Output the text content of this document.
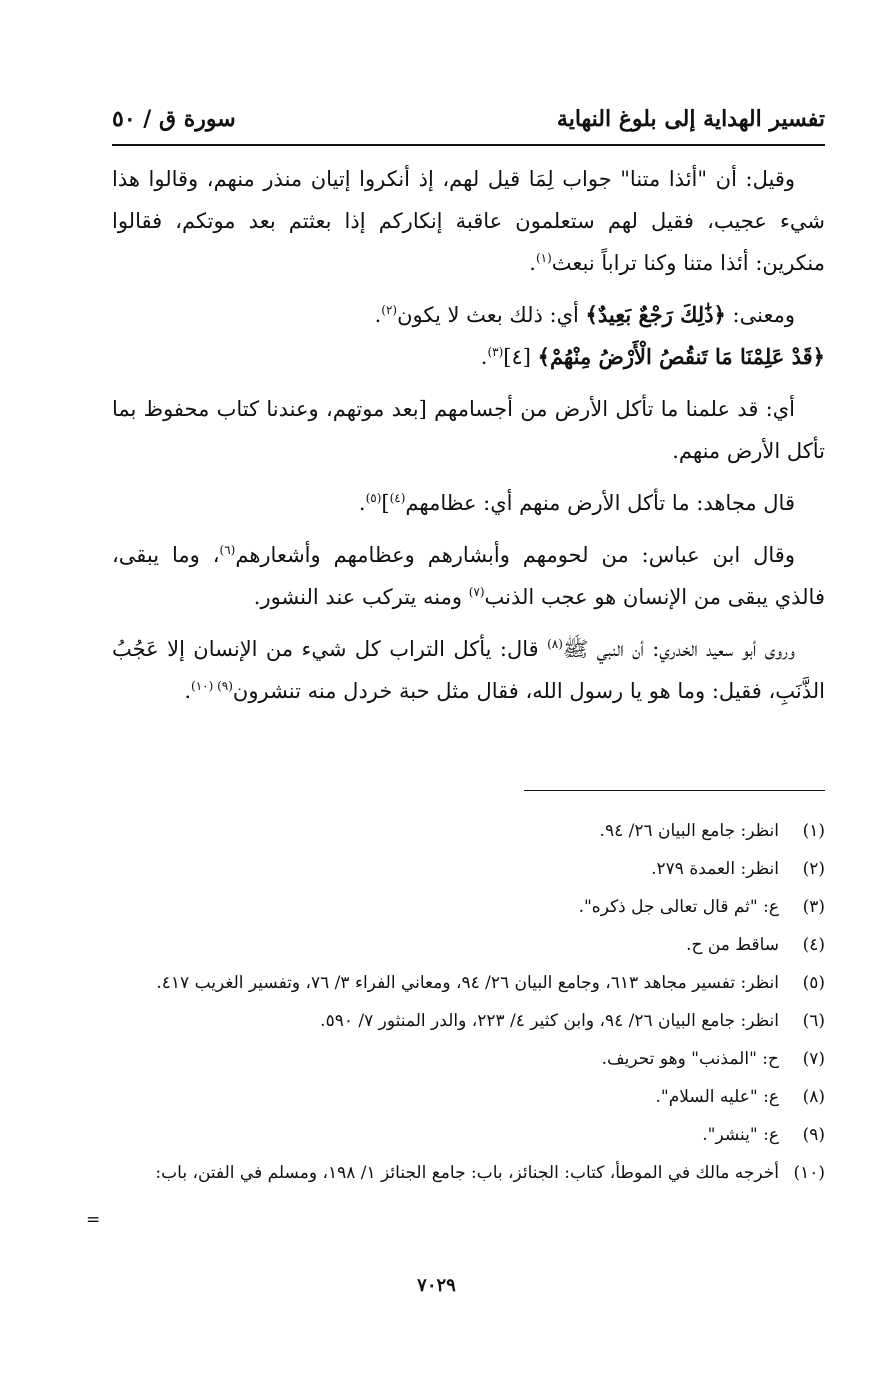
تفسير الهداية إلى بلوغ النهاية
سورة ق / ٥٠

وقيل: أن "أئذا متنا" جواب لِمَا قيل لهم، إذ أنكروا إتيان منذر منهم، وقالوا هذا شيء عجيب، فقيل لهم ستعلمون عاقبة إنكاركم إذا بعثتم بعد موتكم، فقالوا منكرين: أئذا متنا وكنا تراباً نبعث$^{(١)}$.

ومعنى: ﴿ذَٰلِكَ رَجْعٌ بَعِيدٌ﴾ أي: ذلك بعث لا يكون$^{(٢)}$.

﴿قَدْ عَلِمْنَا مَا تَنقُصُ الْأَرْضُ مِنْهُمْ﴾ [٤]$^{(٣)}$.

أي: قد علمنا ما تأكل الأرض من أجسامهم [بعد موتهم، وعندنا كتاب محفوظ بما تأكل الأرض منهم.

قال مجاهد: ما تأكل الأرض منهم أي: عظامهم$^{(٤)}$]$^{(٥)}$.

وقال ابن عباس: من لحومهم وأبشارهم وعظامهم وأشعارهم$^{(٦)}$، وما يبقى، فالذي يبقى من الإنسان هو عجب الذنب$^{(٧)}$ ومنه يتركب عند النشور.

وروى أبو سعيد الخدري: أن النبي ﷺ$^{(٨)}$ قال: يأكل التراب كل شيء من الإنسان إلا عَجُبُ الذَّنَبِ، فقيل: وما هو يا رسول الله، فقال مثل حبة خردل منه تنشرون$^{(٩) (١٠)}$.

(١)
انظر: جامع البيان ٢٦/ ٩٤.
(٢)
انظر: العمدة ٢٧٩.
(٣)
ع: "ثم قال تعالى جل ذكره".
(٤)
ساقط من ح.
(٥)
انظر: تفسير مجاهد ٦١٣، وجامع البيان ٢٦/ ٩٤، ومعاني الفراء ٣/ ٧٦، وتفسير الغريب ٤١٧.
(٦)
انظر: جامع البيان ٢٦/ ٩٤، وابن كثير ٤/ ٢٢٣، والدر المنثور ٧/ ٥٩٠.
(٧)
ح: "المذنب" وهو تحريف.
(٨)
ع: "عليه السلام".
(٩)
ع: "ينشر".
(١٠)
أخرجه مالك في الموطأ، كتاب: الجنائز، باب: جامع الجنائز ١/ ١٩٨، ومسلم في الفتن، باب:
=
٧٠٢٩
